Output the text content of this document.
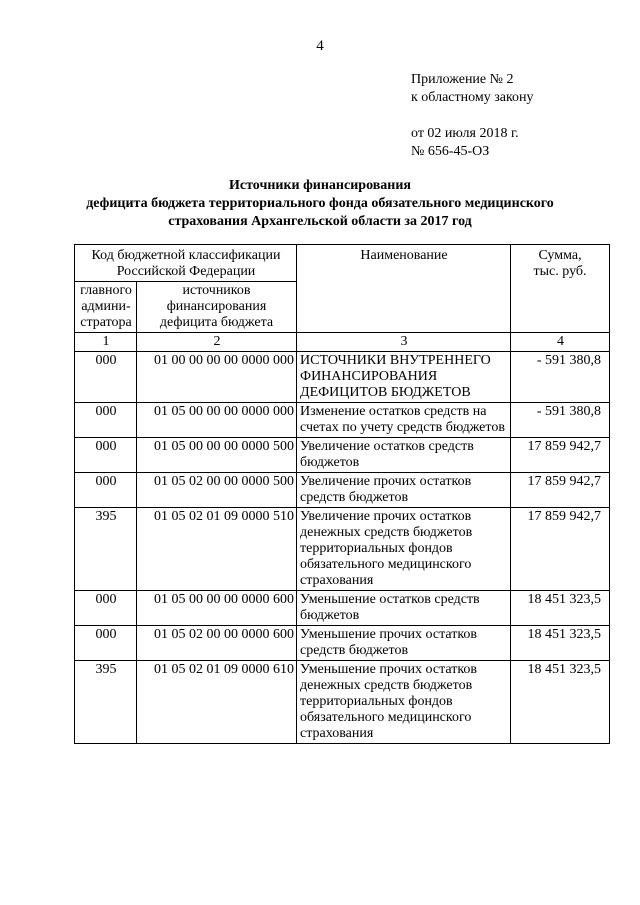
4
Приложение № 2
к областному закону
от 02 июля 2018 г.
№ 656-45-ОЗ
Источники финансирования
дефицита бюджета территориального фонда обязательного медицинского
страхования Архангельской области за 2017 год
Код бюджетной классификации Российской Федерации		Наименование	Сумма, тыс. руб.
главного админи-стратора	источников финансирования дефицита бюджета		
1	2	3	4
000	01 00 00 00 00 0000 000	ИСТОЧНИКИ ВНУТРЕННЕГО ФИНАНСИРОВАНИЯ ДЕФИЦИТОВ БЮДЖЕТОВ	- 591 380,8
000	01 05 00 00 00 0000 000	Изменение остатков средств на счетах по учету средств бюджетов	- 591 380,8
000	01 05 00 00 00 0000 500	Увеличение остатков средств бюджетов	17 859 942,7
000	01 05 02 00 00 0000 500	Увеличение прочих остатков средств бюджетов	17 859 942,7
395	01 05 02 01 09 0000 510	Увеличение прочих остатков денежных средств бюджетов территориальных фондов обязательного медицинского страхования	17 859 942,7
000	01 05 00 00 00 0000 600	Уменьшение остатков средств бюджетов	18 451 323,5
000	01 05 02 00 00 0000 600	Уменьшение прочих остатков средств бюджетов	18 451 323,5
395	01 05 02 01 09 0000 610	Уменьшение прочих остатков денежных средств бюджетов территориальных фондов обязательного медицинского страхования	18 451 323,5
